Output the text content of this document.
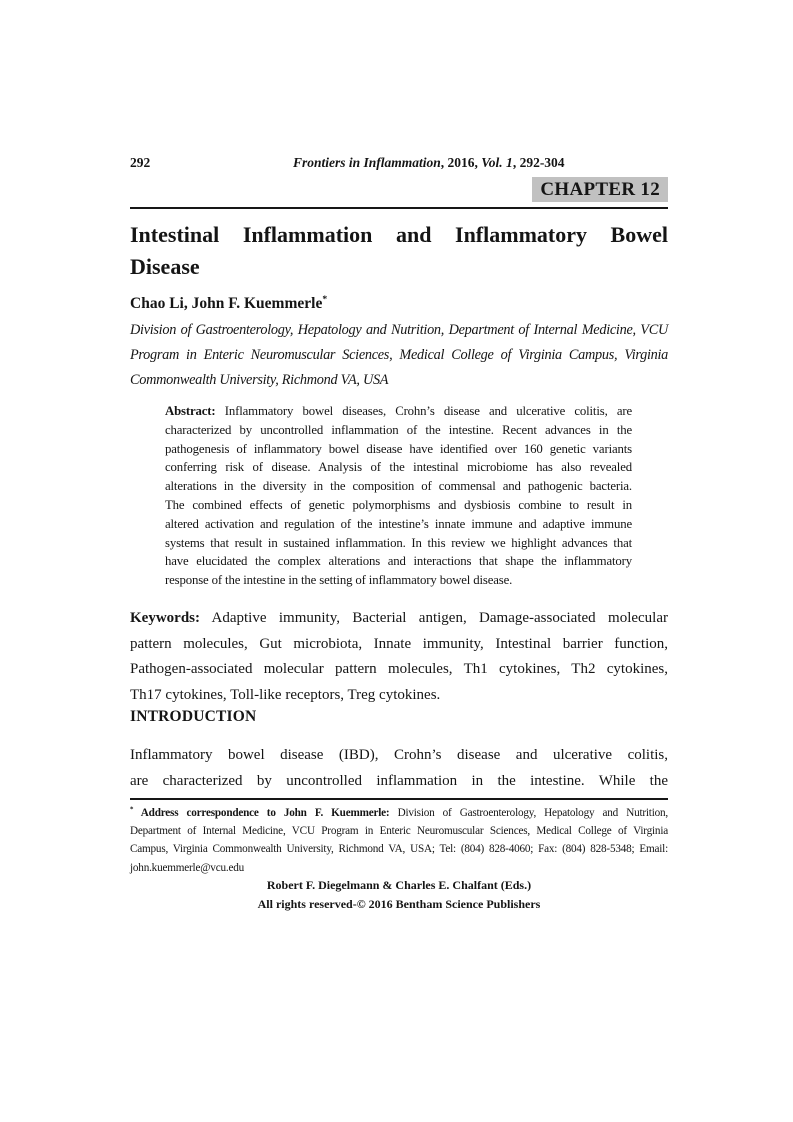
292	Frontiers in Inflammation, 2016, Vol. 1, 292-304
CHAPTER 12
Intestinal Inflammation and Inflammatory Bowel
Disease
Chao Li, John F. Kuemmerle*
Division of Gastroenterology, Hepatology and Nutrition, Department of Internal Medicine, VCU
Program in Enteric Neuromuscular Sciences, Medical College of Virginia Campus, Virginia
Commonwealth University, Richmond VA, USA
Abstract: Inflammatory bowel diseases, Crohn’s disease and ulcerative colitis, are
characterized by uncontrolled inflammation of the intestine. Recent advances in the
pathogenesis of inflammatory bowel disease have identified over 160 genetic variants
conferring risk of disease. Analysis of the intestinal microbiome has also revealed
alterations in the diversity in the composition of commensal and pathogenic bacteria.
The combined effects of genetic polymorphisms and dysbiosis combine to result in
altered activation and regulation of the intestine’s innate immune and adaptive immune
systems that result in sustained inflammation. In this review we highlight advances that
have elucidated the complex alterations and interactions that shape the inflammatory
response of the intestine in the setting of inflammatory bowel disease.
Keywords: Adaptive immunity, Bacterial antigen, Damage-associated molecular
pattern molecules, Gut microbiota, Innate immunity, Intestinal barrier function,
Pathogen-associated molecular pattern molecules, Th1 cytokines, Th2 cytokines,
Th17 cytokines, Toll-like receptors, Treg cytokines.
INTRODUCTION
Inflammatory bowel disease (IBD), Crohn’s disease and ulcerative colitis,
are characterized by uncontrolled inflammation in the intestine. While the
* Address correspondence to John F. Kuemmerle: Division of Gastroenterology, Hepatology and Nutrition,
Department of Internal Medicine, VCU Program in Enteric Neuromuscular Sciences, Medical College of Virginia
Campus, Virginia Commonwealth University, Richmond VA, USA; Tel: (804) 828-4060; Fax: (804) 828-5348; Email:
john.kuemmerle@vcu.edu
Robert F. Diegelmann & Charles E. Chalfant (Eds.)
All rights reserved-© 2016 Bentham Science Publishers
